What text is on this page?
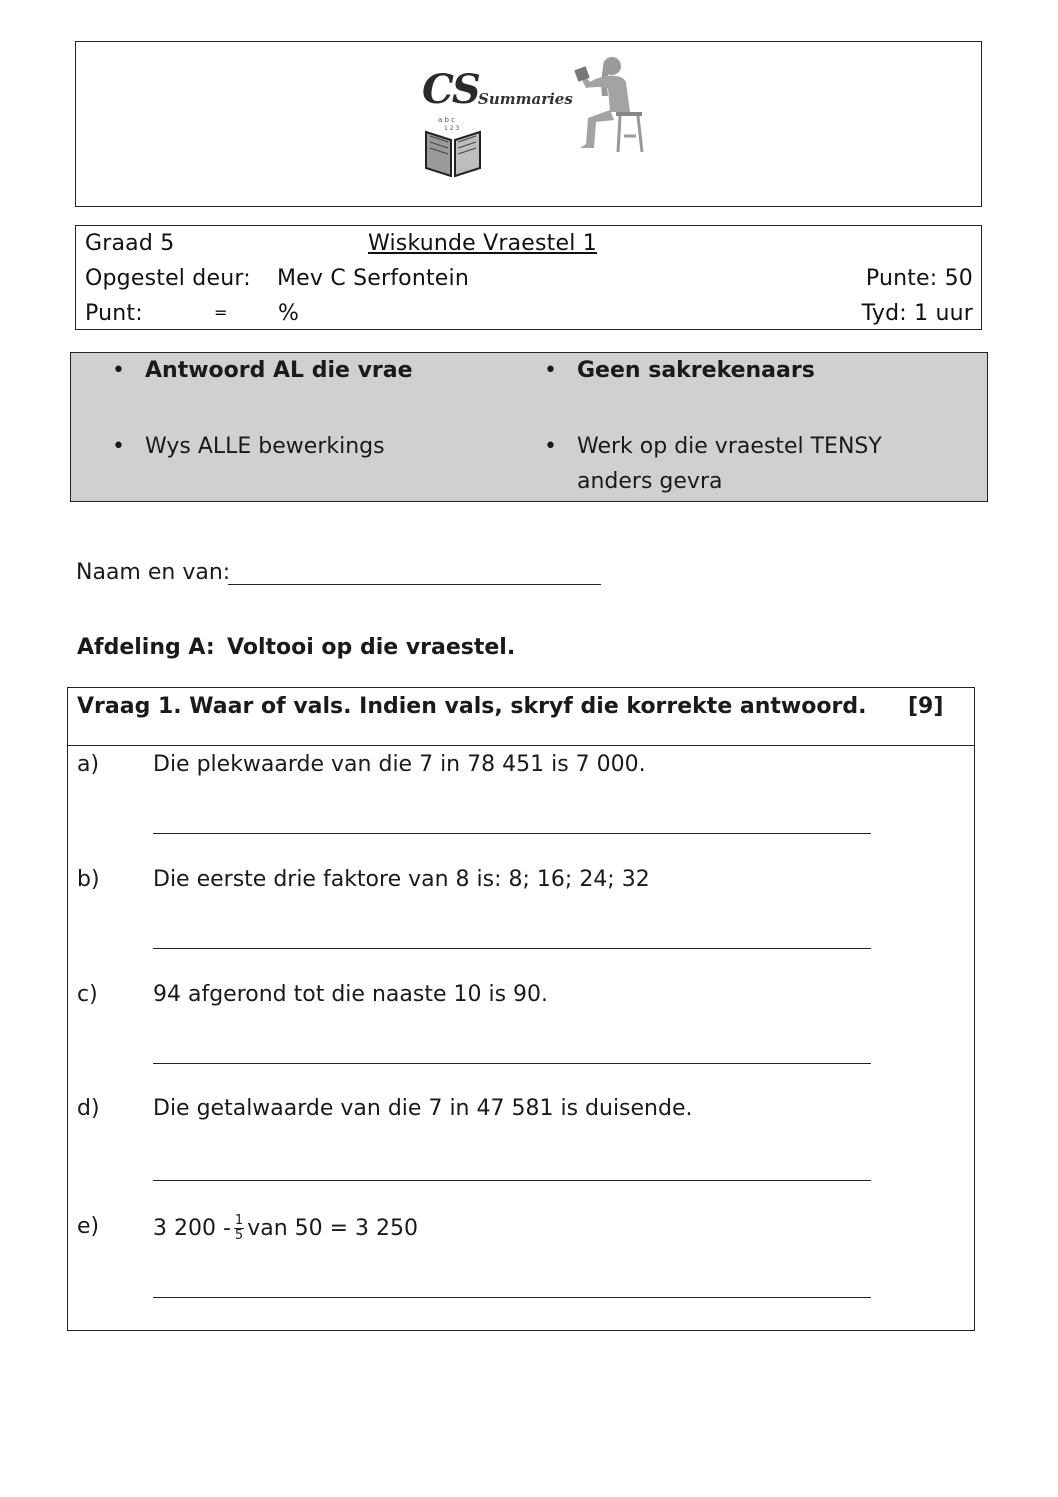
CS Summaries
a b c
1 2 3
Graad 5	Wiskunde Vraestel 1
Opgestel deur: Mev C Serfontein	Punte: 50
Punt:	= %	Tyd: 1 uur
• Antwoord AL die vrae	• Geen sakrekenaars
• Wys ALLE bewerkings	• Werk op die vraestel TENSY
anders gevra
Naam en van:
Afdeling A: Voltooi op die vraestel.
Vraag 1. Waar of vals. Indien vals, skryf die korrekte antwoord. [9]
a) Die plekwaarde van die 7 in 78 451 is 7 000.
b) Die eerste drie faktore van 8 is: 8; 16; 24; 32
c)	94 afgerond tot die naaste 10 is 90.
d) Die getalwaarde van die 7 in 47 581 is duisende.
e) 3 $200 - \frac{1}{5}$ van 50 = 3 250
